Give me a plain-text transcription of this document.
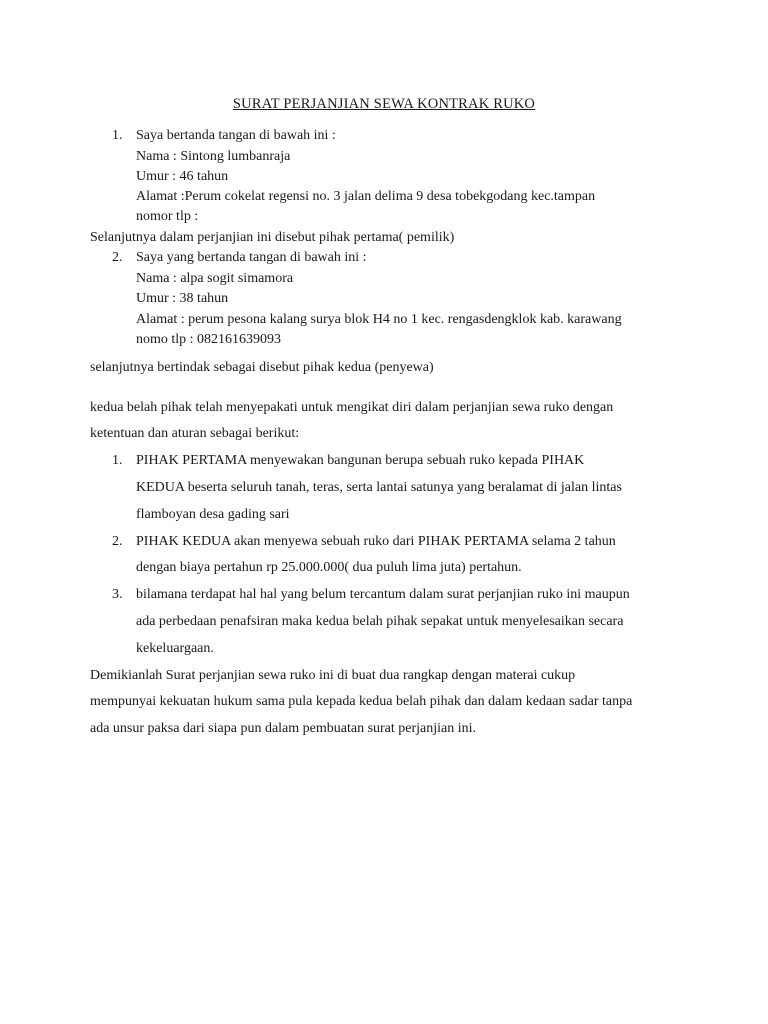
SURAT PERJANJIAN SEWA KONTRAK RUKO
1. Saya bertanda tangan di bawah ini :
Nama : Sintong lumbanraja
Umur : 46 tahun
Alamat :Perum cokelat regensi no. 3 jalan delima 9 desa tobekgodang kec.tampan
nomor tlp :
Selanjutnya dalam perjanjian ini disebut pihak pertama( pemilik)
2. Saya yang bertanda tangan di bawah ini :
Nama : alpa sogit simamora
Umur : 38 tahun
Alamat : perum pesona kalang surya blok H4 no 1 kec. rengasdengklok kab. karawang
nomo tlp : 082161639093
selanjutnya bertindak sebagai disebut pihak kedua (penyewa)
kedua belah pihak telah menyepakati untuk mengikat diri dalam perjanjian sewa ruko dengan
ketentuan dan aturan sebagai berikut:
1. PIHAK PERTAMA menyewakan bangunan berupa sebuah ruko kepada PIHAK
KEDUA beserta seluruh tanah, teras, serta lantai satunya yang beralamat di jalan lintas
flamboyan desa gading sari
2. PIHAK KEDUA akan menyewa sebuah ruko dari PIHAK PERTAMA selama 2 tahun
dengan biaya pertahun rp 25.000.000( dua puluh lima juta) pertahun.
3. bilamana terdapat hal hal yang belum tercantum dalam surat perjanjian ruko ini maupun
ada perbedaan penafsiran maka kedua belah pihak sepakat untuk menyelesaikan secara
kekeluargaan.
Demikianlah Surat perjanjian sewa ruko ini di buat dua rangkap dengan materai cukup
mempunyai kekuatan hukum sama pula kepada kedua belah pihak dan dalam kedaan sadar tanpa
ada unsur paksa dari siapa pun dalam pembuatan surat perjanjian ini.
